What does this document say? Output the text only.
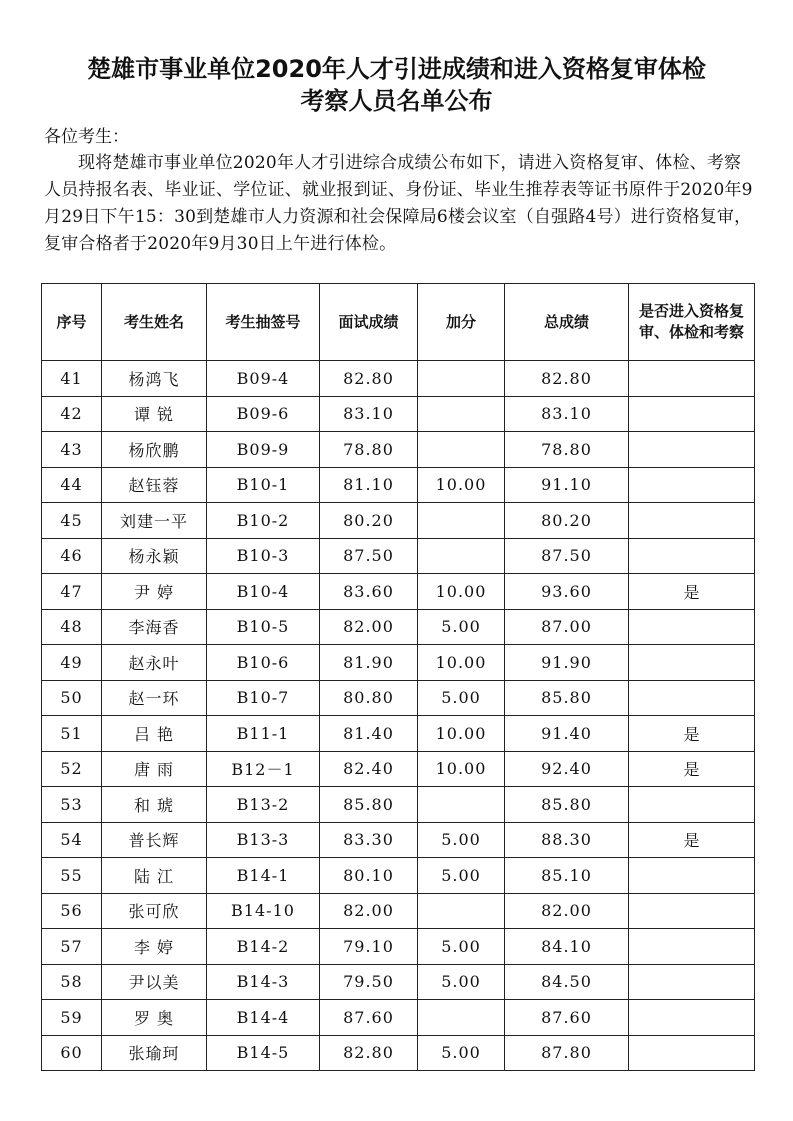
楚雄市事业单位2020年人才引进成绩和进入资格复审体检
考察人员名单公布
各位考生：
现将楚雄市事业单位2020年人才引进综合成绩公布如下，请进入资格复审、体检、考察人员持报名表、毕业证、学位证、就业报到证、身份证、毕业生推荐表等证书原件于2020年9月29日下午15：30到楚雄市人力资源和社会保障局6楼会议室（自强路4号）进行资格复审，复审合格者于2020年9月30日上午进行体检。
序号	考生姓名	考生抽签号	面试成绩	加分	总成绩	是否进入资格复审、体检和考察
41	杨鸿飞	B09-4	82.80		82.80	
42	谭 锐	B09-6	83.10		83.10	
43	杨欣鹏	B09-9	78.80		78.80	
44	赵钰蓉	B10-1	81.10	10.00	91.10	
45	刘建一平	B10-2	80.20		80.20	
46	杨永颖	B10-3	87.50		87.50	
47	尹 婷	B10-4	83.60	10.00	93.60	是
48	李海香	B10-5	82.00	5.00	87.00	
49	赵永叶	B10-6	81.90	10.00	91.90	
50	赵一环	B10-7	80.80	5.00	85.80	
51	吕 艳	B11-1	81.40	10.00	91.40	是
52	唐 雨	B12－1	82.40	10.00	92.40	是
53	和 琥	B13-2	85.80		85.80	
54	普长辉	B13-3	83.30	5.00	88.30	是
55	陆 江	B14-1	80.10	5.00	85.10	
56	张可欣	B14-10	82.00		82.00	
57	李 婷	B14-2	79.10	5.00	84.10	
58	尹以美	B14-3	79.50	5.00	84.50	
59	罗 奥	B14-4	87.60		87.60	
60	张瑜珂	B14-5	82.80	5.00	87.80	
